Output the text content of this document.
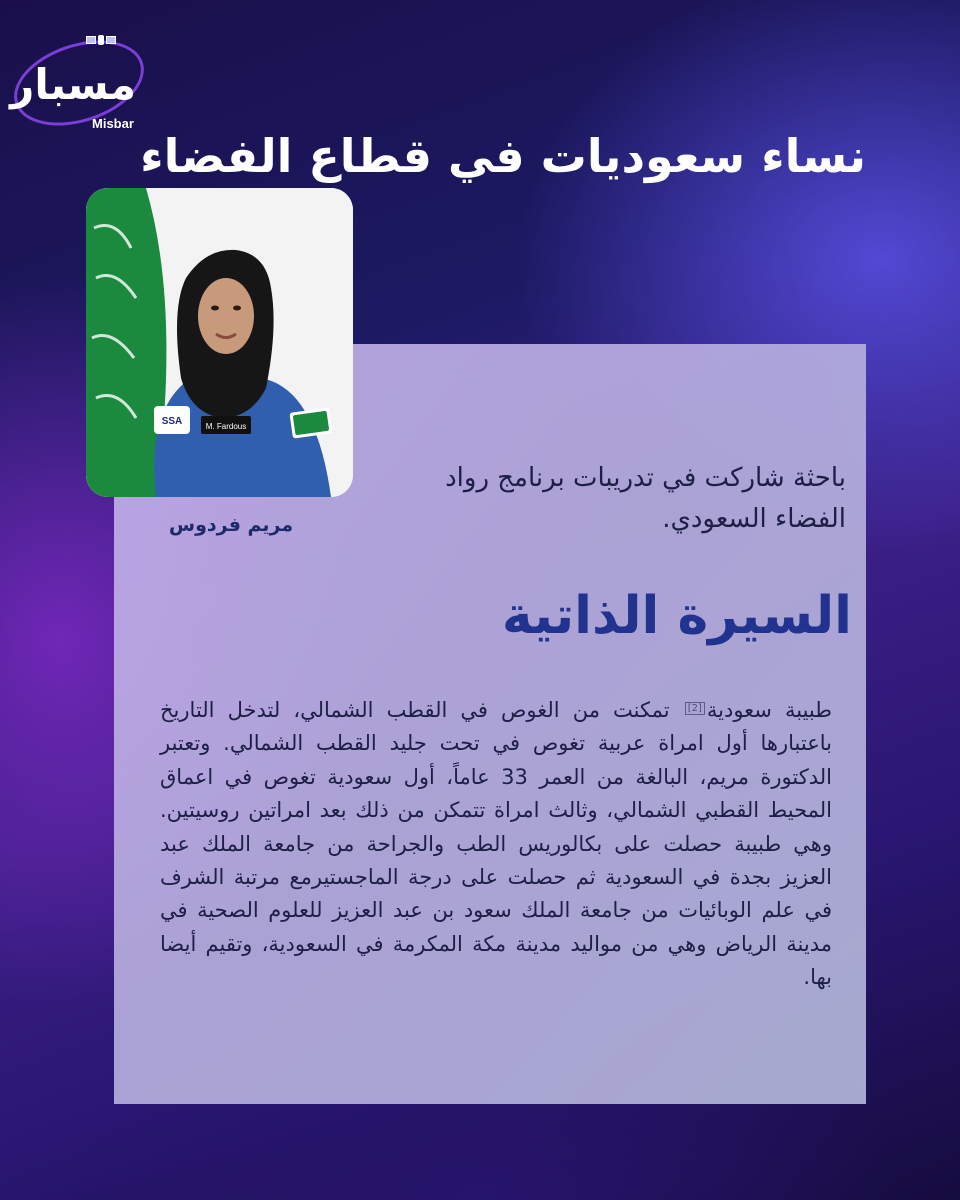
مسبار
Misbar
نساء سعوديات في قطاع الفضاء
SSA	M. Fardous
مريم فردوس
باحثة شاركت في تدريبات برنامج رواد الفضاء السعودي.
السيرة الذاتية
طبيبة سعودية[2] تمكنت من الغوص في القطب الشمالي، لتدخل التاريخ باعتبارها أول امراة عربية تغوص في تحت جليد القطب الشمالي. وتعتبر الدكتورة مريم، البالغة من العمر 33 عاماً، أول سعودية تغوص في اعماق المحيط القطبي الشمالي، وثالث امراة تتمكن من ذلك بعد امراتين روسيتين. وهي طبيبة حصلت على بكالوريس الطب والجراحة من جامعة الملك عبد العزيز بجدة في السعودية ثم حصلت على درجة الماجستيرمع مرتبة الشرف في علم الوبائيات من جامعة الملك سعود بن عبد العزيز للعلوم الصحية في مدينة الرياض وهي من مواليد مدينة مكة المكرمة في السعودية، وتقيم أيضا بها.
